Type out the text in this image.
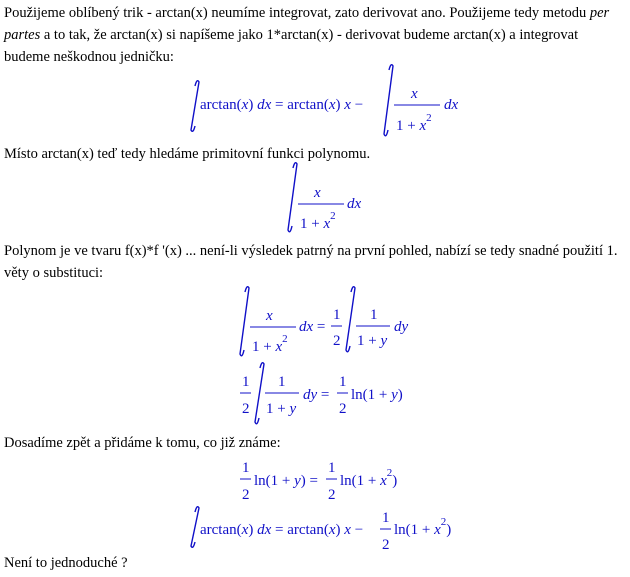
Použijeme oblíbený trik - arctan(x) neumíme integrovat, zato derivovat ano. Použijeme tedy metodu per partes a to tak, že arctan(x) si napíšeme jako 1*arctan(x) - derivovat budeme arctan(x) a integrovat budeme neškodnou jedničku:

arctan(x) dx = arctan(x) x −
x
$1 + x^2$
dx

Místo arctan(x) teď tedy hledáme primitovní funkci polynomu.

x
$1 + x^2$
dx

Polynom je ve tvaru f(x)*f '(x) ... není-li výsledek patrný na první pohled, nabízí se tedy snadné použití 1. věty o substituci:

x
$1 + x^2$
dx =
1
2
1
1 + y
dy
1
2
1
1 + y
dy =
1
2
ln(1 + y)

Dosadíme zpět a přidáme k tomu, co již známe:

1
2
ln(1 + y) =
1
2
$\ln(1 + x^2)$
arctan(x) dx = arctan(x) x −
1
2
$\ln(1 + x^2)$

Není to jednoduché ?
